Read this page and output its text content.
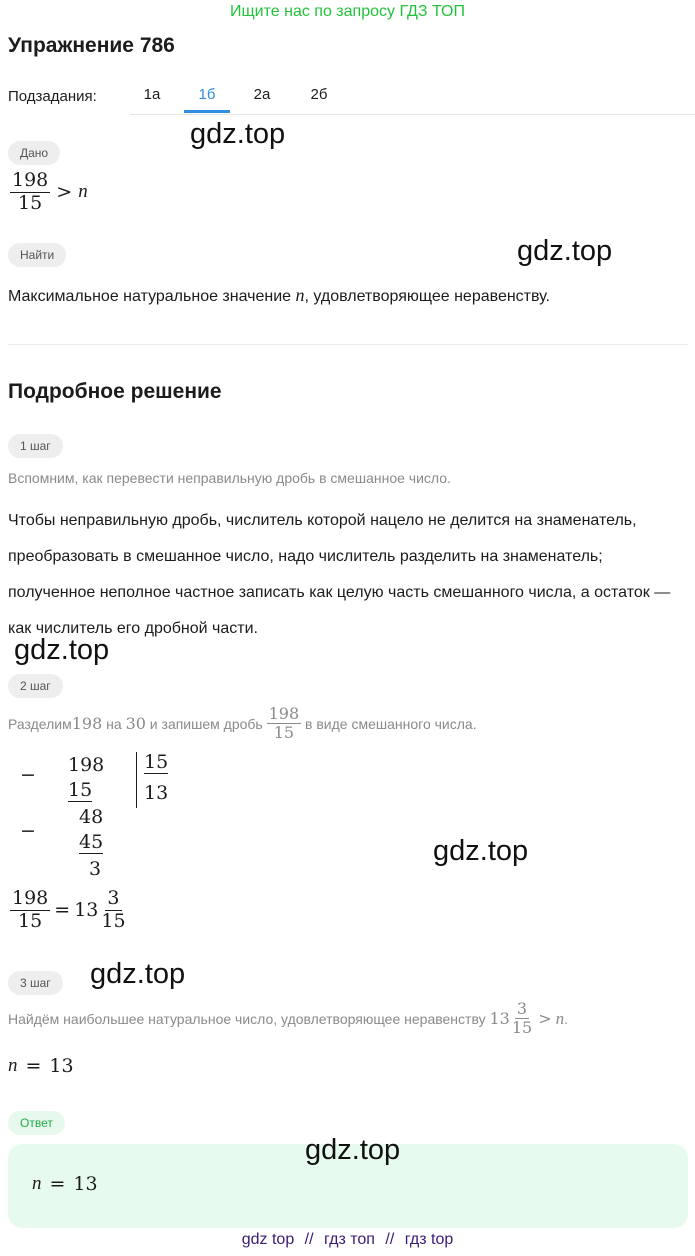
Ищите нас по запросу ГДЗ ТОП
Упражнение 786
Подзадания:	1а	1б	2а	2б
gdz.top
Дано
$\frac{198}{15} > n$
Найти	gdz.top
Максимальное натуральное значение n, удовлетворяющее неравенству.
Подробное решение
1 шаг
Вспомним, как перевести неправильную дробь в смешанное число.
Чтобы неправильную дробь, числитель которой нацело не делится на знаменатель, преобразовать в смешанное число, надо числитель разделить на знаменатель; полученное неполное частное записать как целую часть смешанного числа, а остаток — как числитель его дробной части.
gdz.top
2 шаг
Разделим 198 на 30 и запишем дробь $\frac{198}{15}$ в виде смешанного числа.
− 198
15
15
13
−
48
45
3
gdz.top
$\frac{198}{15} = 13 \frac{3}{15}$
3 шаг	gdz.top
Найдём наибольшее натуральное число, удовлетворяющее неравенству $13 \frac{3}{15} > n$ .
n = 13
Ответ
n = 13
gdz.top
gdz top // гдз топ // гдз top
